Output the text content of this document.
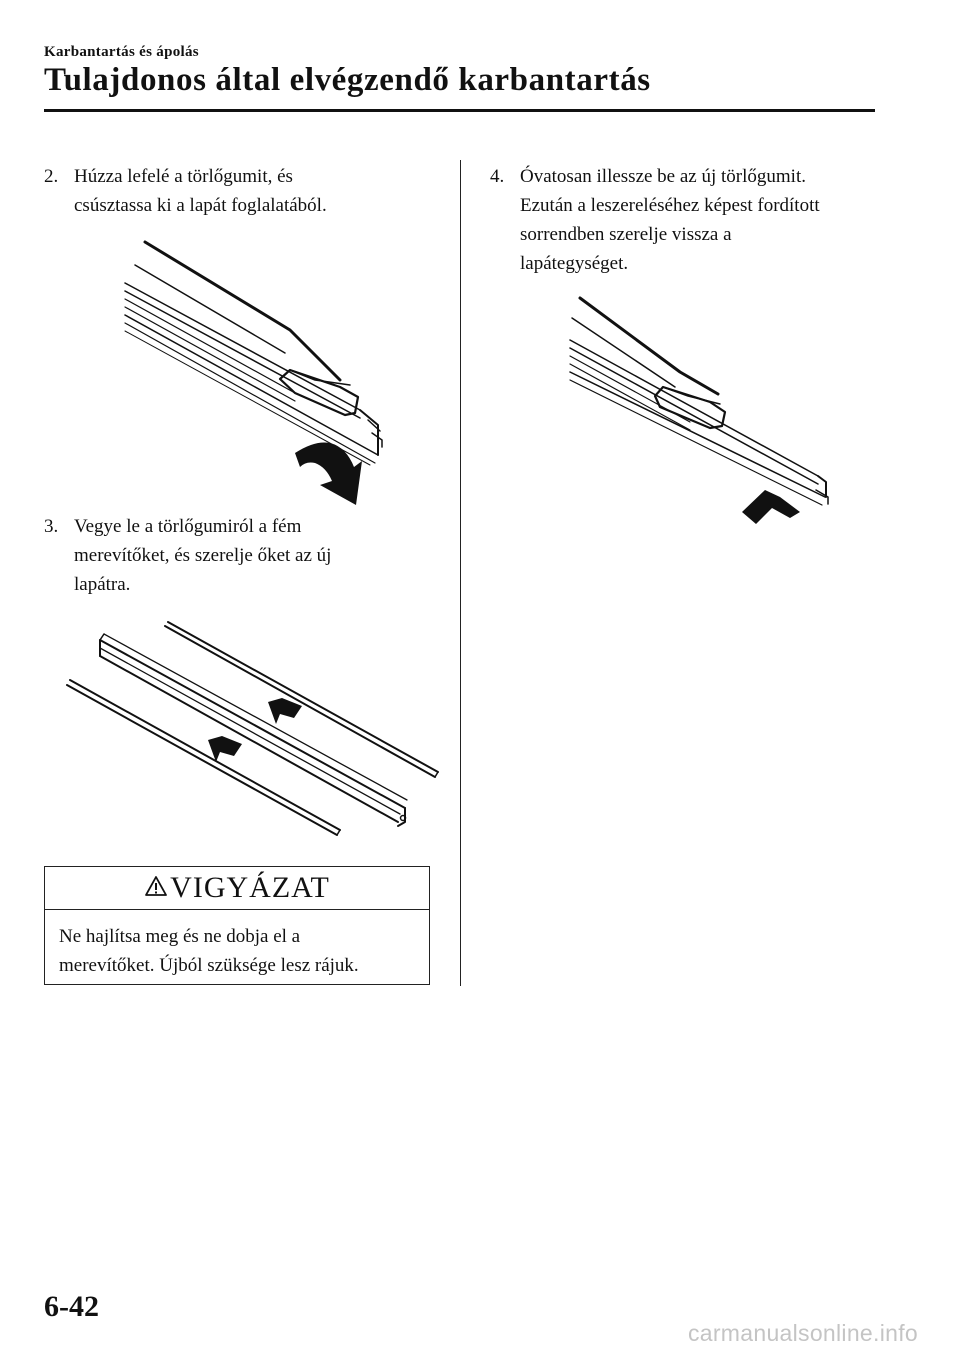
Karbantartás és ápolás
Tulajdonos által elvégzendő karbantartás
2. Húzza lefelé a törlőgumit, és
csúsztassa ki a lapát foglalatából.
3. Vegye le a törlőgumiról a fém
merevítőket, és szerelje őket az új
lapátra.
VIGYÁZAT
Ne hajlítsa meg és ne dobja el a
merevítőket. Újból szüksége lesz rájuk.
4. Óvatosan illessze be az új törlőgumit.
Ezután a leszereléséhez képest fordított
sorrendben szerelje vissza a
lapátegységet.
6-42
carmanualsonline.info
